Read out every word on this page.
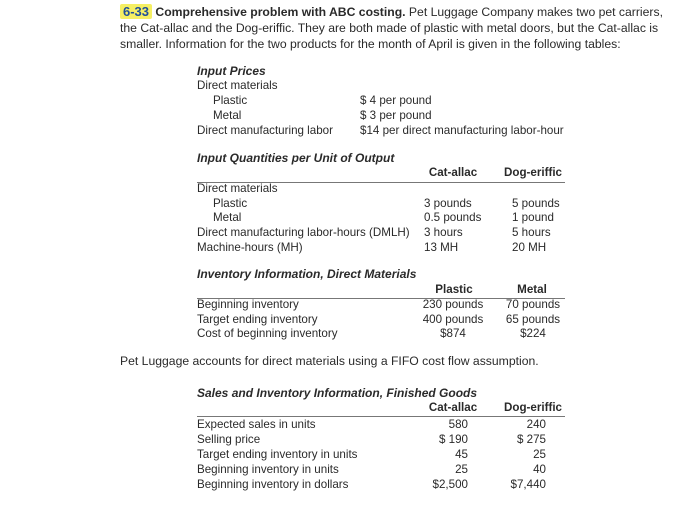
6-33 Comprehensive problem with ABC costing. Pet Luggage Company makes two pet carriers, the Cat-allac and the Dog-eriffic. They are both made of plastic with metal doors, but the Cat-allac is smaller. Information for the two products for the month of April is given in the following tables:
Input Prices
Direct materials
Plastic	$ 4 per pound
Metal	$ 3 per pound
Direct manufacturing labor $14 per direct manufacturing labor-hour
Input Quantities per Unit of Output
Cat-allac	Dog-eriffic
Direct materials
Plastic	3 pounds	5 pounds
Metal	0.5 pounds	1 pound
Direct manufacturing labor-hours (DMLH) 3 hours	5 hours
Machine-hours (MH)	13 MH	20 MH
Inventory Information, Direct Materials
Plastic	Metal
Beginning inventory	230 pounds	70 pounds
Target ending inventory	400 pounds	65 pounds
Cost of beginning inventory	$874	$224
Pet Luggage accounts for direct materials using a FIFO cost flow assumption.
Sales and Inventory Information, Finished Goods
Cat-allac	Dog-eriffic
Expected sales in units	580	240
Selling price	$ 190	$ 275
Target ending inventory in units	45	25
Beginning inventory in units	25	40
Beginning inventory in dollars	$2,500	$7,440
